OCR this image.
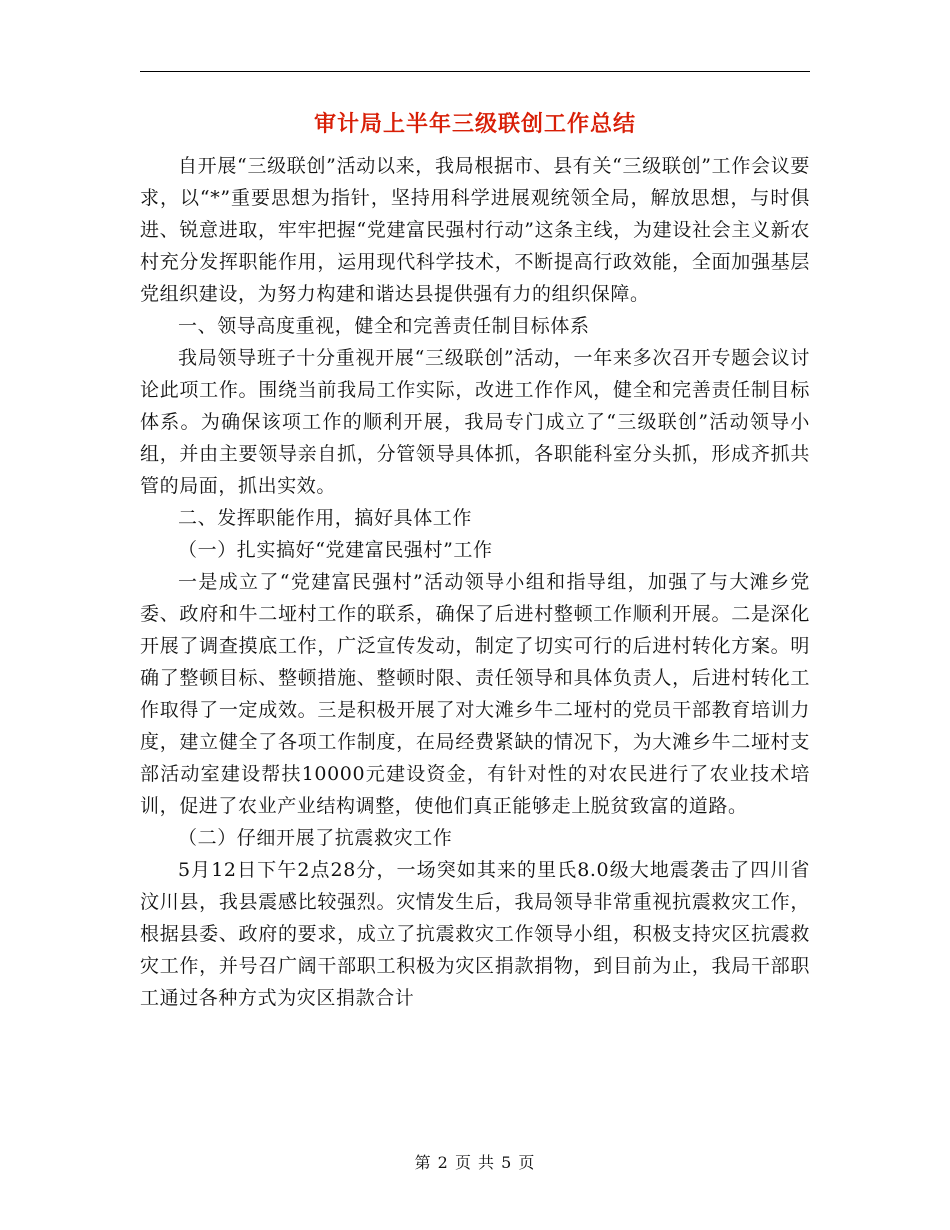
审计局上半年三级联创工作总结

自开展“三级联创”活动以来，我局根据市、县有关“三级联创”工作会议要求，以“*”重要思想为指针，坚持用科学进展观统领全局，解放思想，与时俱进、锐意进取，牢牢把握“党建富民强村行动”这条主线，为建设社会主义新农村充分发挥职能作用，运用现代科学技术，不断提高行政效能，全面加强基层党组织建设，为努力构建和谐达县提供强有力的组织保障。

一、领导高度重视，健全和完善责任制目标体系

我局领导班子十分重视开展“三级联创”活动，一年来多次召开专题会议讨论此项工作。围绕当前我局工作实际，改进工作作风，健全和完善责任制目标体系。为确保该项工作的顺利开展，我局专门成立了“三级联创”活动领导小组，并由主要领导亲自抓，分管领导具体抓，各职能科室分头抓，形成齐抓共管的局面，抓出实效。

二、发挥职能作用，搞好具体工作

（一）扎实搞好“党建富民强村”工作

一是成立了“党建富民强村”活动领导小组和指导组，加强了与大滩乡党委、政府和牛二垭村工作的联系，确保了后进村整顿工作顺利开展。二是深化开展了调查摸底工作，广泛宣传发动，制定了切实可行的后进村转化方案。明确了整顿目标、整顿措施、整顿时限、责任领导和具体负责人，后进村转化工作取得了一定成效。三是积极开展了对大滩乡牛二垭村的党员干部教育培训力度，建立健全了各项工作制度，在局经费紧缺的情况下，为大滩乡牛二垭村支部活动室建设帮扶10000元建设资金，有针对性的对农民进行了农业技术培训，促进了农业产业结构调整，使他们真正能够走上脱贫致富的道路。

（二）仔细开展了抗震救灾工作

5月12日下午2点28分，一场突如其来的里氏8.0级大地震袭击了四川省汶川县，我县震感比较强烈。灾情发生后，我局领导非常重视抗震救灾工作，根据县委、政府的要求，成立了抗震救灾工作领导小组，积极支持灾区抗震救灾工作，并号召广阔干部职工积极为灾区捐款捐物，到目前为止，我局干部职工通过各种方式为灾区捐款合计

第 2 页 共 5 页
